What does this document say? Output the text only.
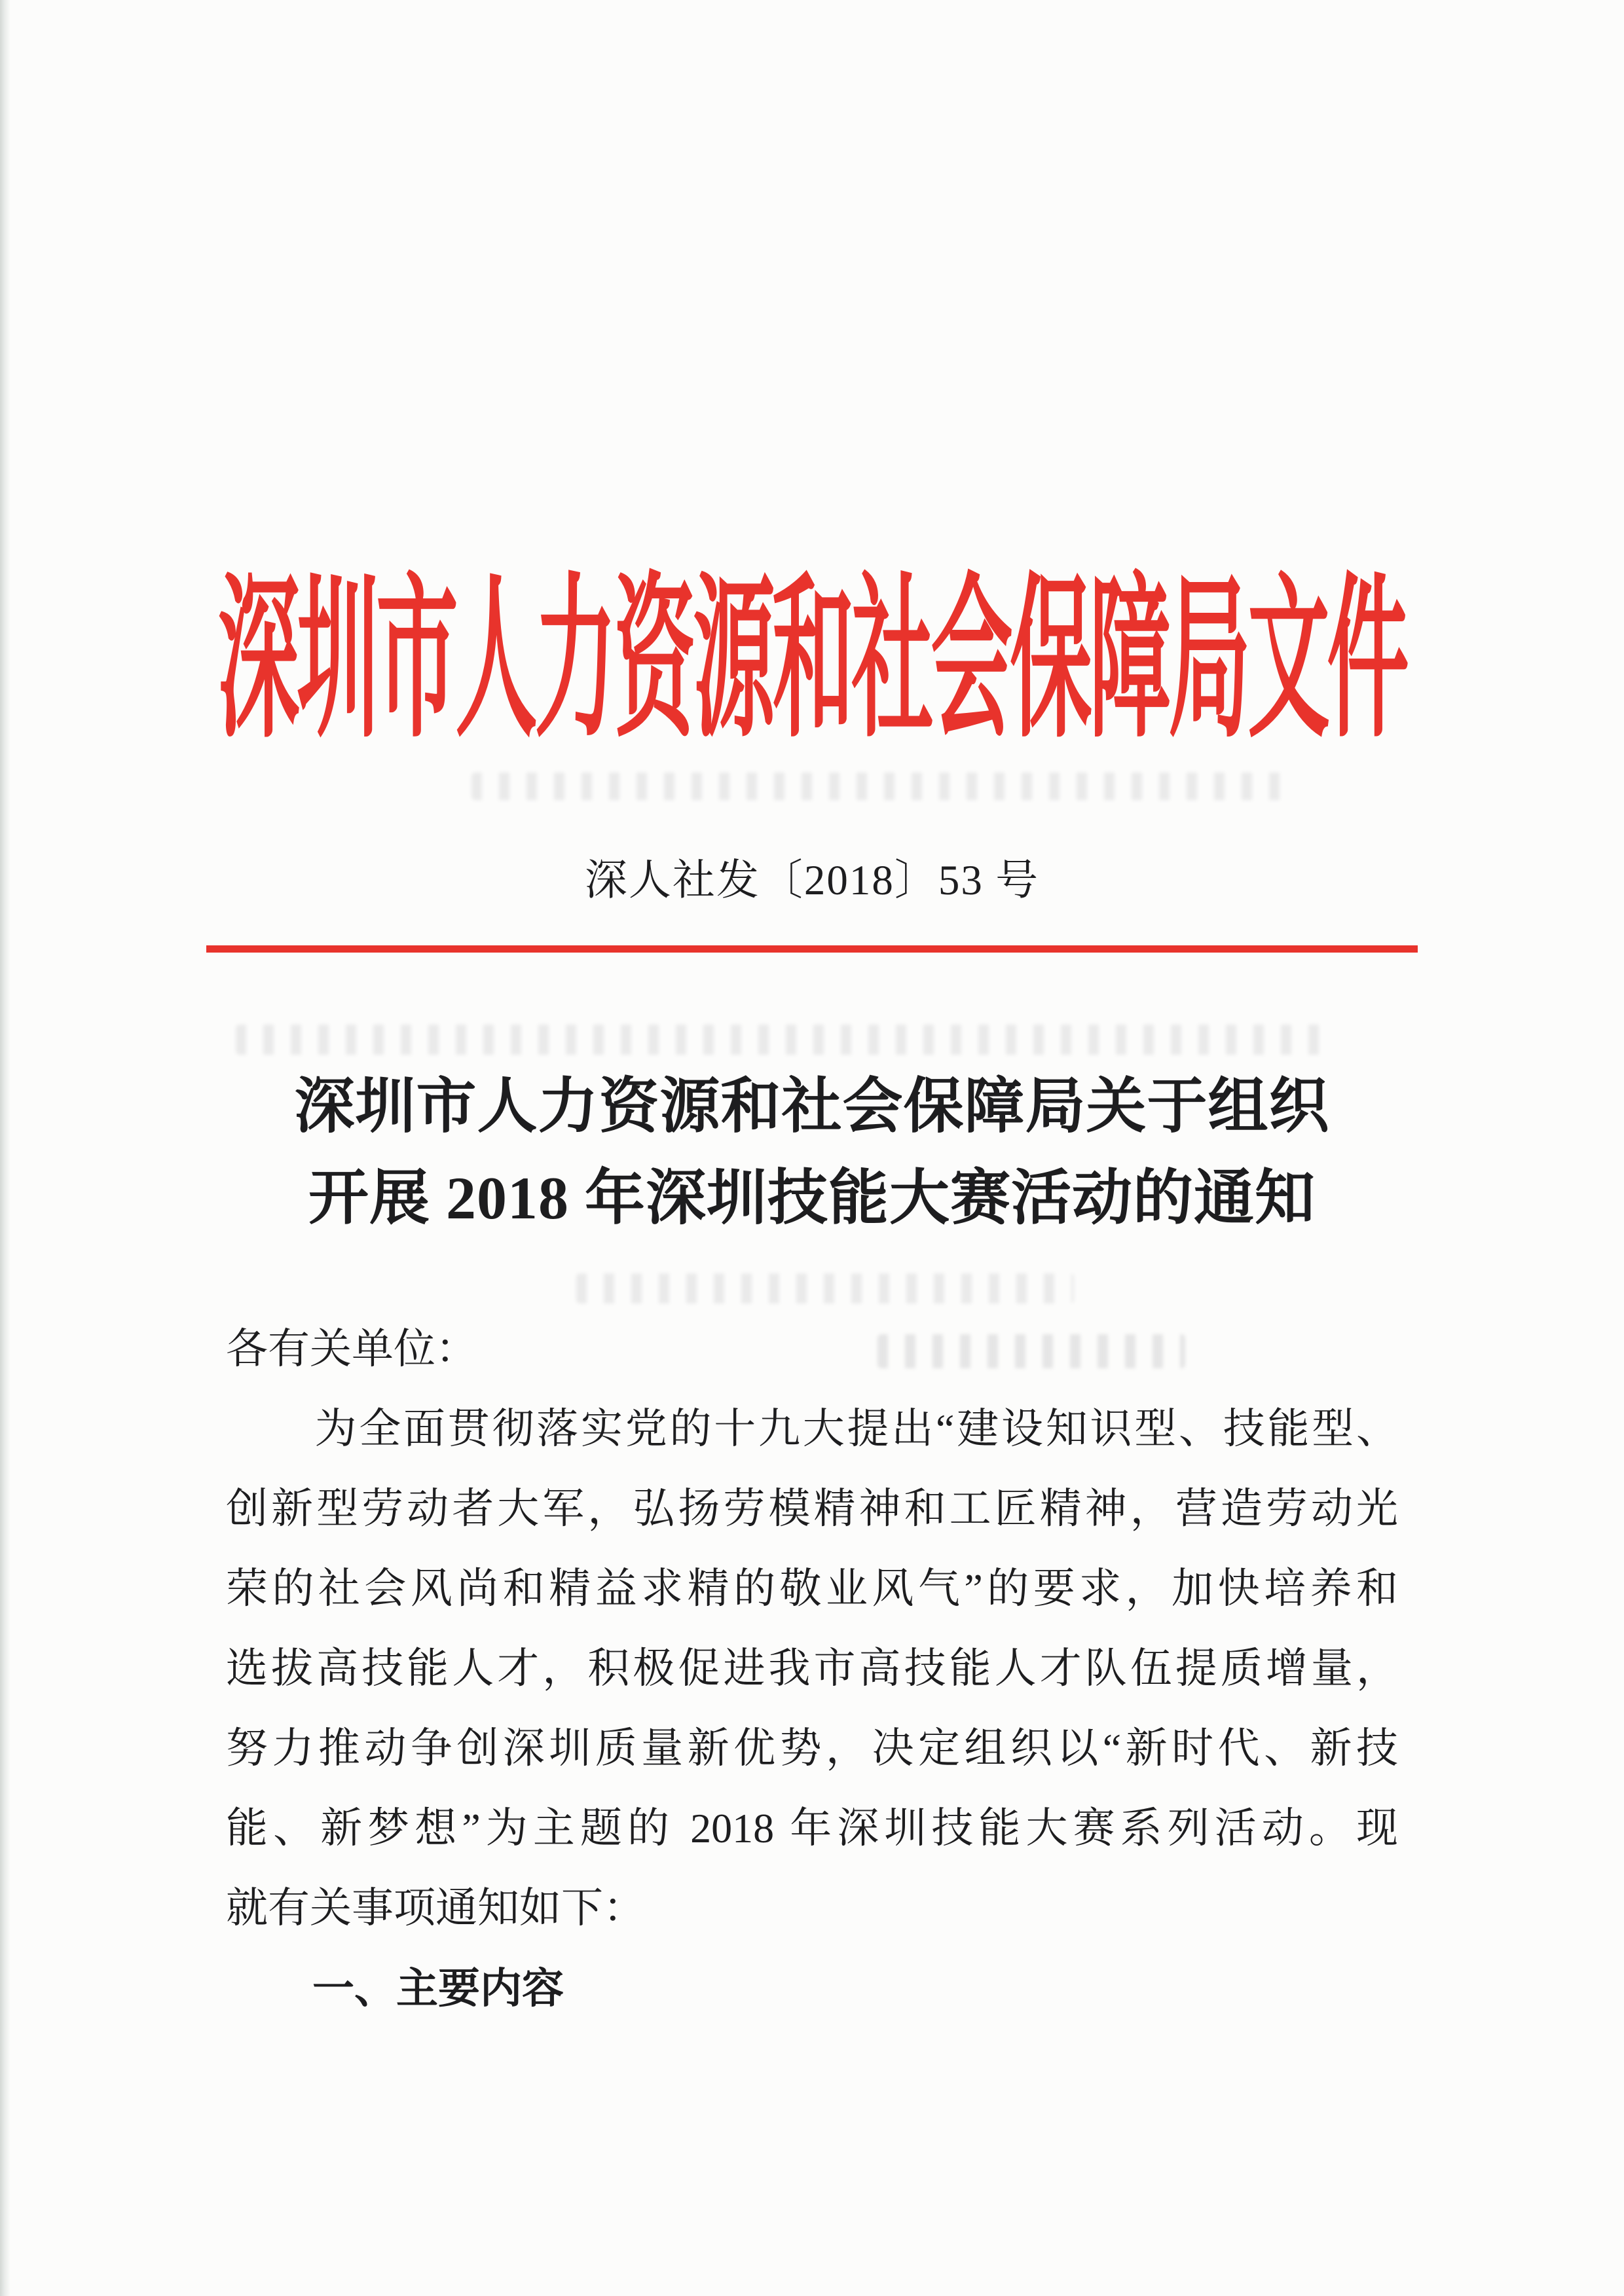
深圳市人力资源和社会保障局文件
深人社发〔2018〕53 号
深圳市人力资源和社会保障局关于组织
开展 2018 年深圳技能大赛活动的通知
各有关单位：
　　为全面贯彻落实党的十九大提出“建设知识型、技能型、
创新型劳动者大军，弘扬劳模精神和工匠精神，营造劳动光
荣的社会风尚和精益求精的敬业风气”的要求，加快培养和
选拔高技能人才，积极促进我市高技能人才队伍提质增量，
努力推动争创深圳质量新优势，决定组织以“新时代、新技
能、新梦想”为主题的 2018 年深圳技能大赛系列活动。现
就有关事项通知如下：
一、主要内容
